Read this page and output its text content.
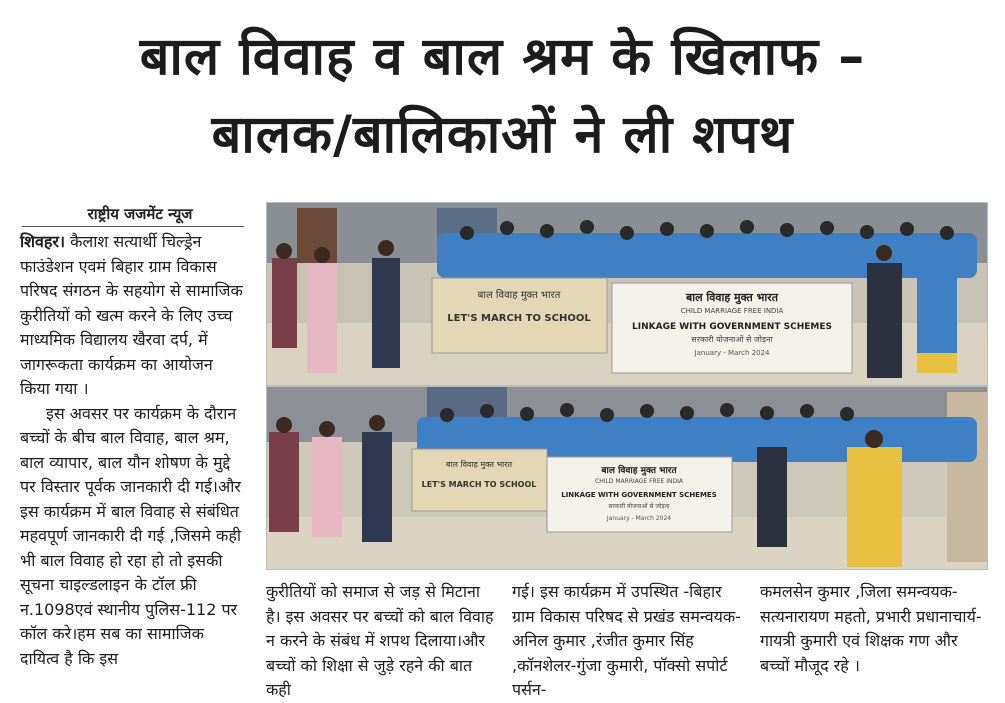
बाल विवाह व बाल श्रम के खिलाफ –
बालक/बालिकाओं ने ली शपथ
राष्ट्रीय जजमेंट न्यूज

शिवहर। कैलाश सत्यार्थी चिल्ड्रेन फाउंडेशन एवमं बिहार ग्राम विकास परिषद संगठन के सहयोग से सामाजिक कुरीतियों को खत्म करने के लिए उच्च माध्यमिक विद्यालय खैरवा दर्प, में जागरूकता कार्यक्रम का आयोजन किया गया ।

इस अवसर पर कार्यक्रम के दौरान बच्चों के बीच बाल विवाह, बाल श्रम, बाल व्यापार, बाल यौन शोषण के मुद्दे पर विस्तार पूर्वक जानकारी दी गई।और इस कार्यक्रम में बाल विवाह से संबंधित महवपूर्ण जानकारी दी गई ,जिसमे कही भी बाल विवाह हो रहा हो तो इसकी सूचना चाइल्डलाइन के टॉल फ्री न.1098एवं स्थानीय पुलिस-112 पर कॉल करे।हम सब का सामाजिक दायित्व है कि इस

बाल विवाह मुक्त भारत
LET'S MARCH TO SCHOOL
बाल विवाह मुक्त भारत
CHILD MARRIAGE FREE INDIA
LINKAGE WITH GOVERNMENT SCHEMES
सरकारी योजनाओं से जोड़ना
January - March 2024
बाल विवाह मुक्त भारत
LET'S MARCH TO SCHOOL
बाल विवाह मुक्त भारत
CHILD MARRIAGE FREE INDIA
LINKAGE WITH GOVERNMENT SCHEMES
सरकारी योजनाओं से जोड़ना
January - March 2024
कुरीतियों को समाज से जड़ से मिटाना है। इस अवसर पर बच्चों को बाल विवाह न करने के संबंध में शपथ दिलाया।और बच्चों को शिक्षा से जुड़े रहने की बात कही
गई। इस कार्यक्रम में उपस्थित -बिहार ग्राम विकास परिषद से प्रखंड समन्वयक- अनिल कुमार ,रंजीत कुमार सिंह ,कॉनशेलर-गुंजा कुमारी, पॉक्सो सपोर्ट पर्सन-
कमलसेन कुमार ,जिला समन्वयक-सत्यनारायण महतो, प्रभारी प्रधानाचार्य-गायत्री कुमारी एवं शिक्षक गण और बच्चों मौजूद रहे ।
